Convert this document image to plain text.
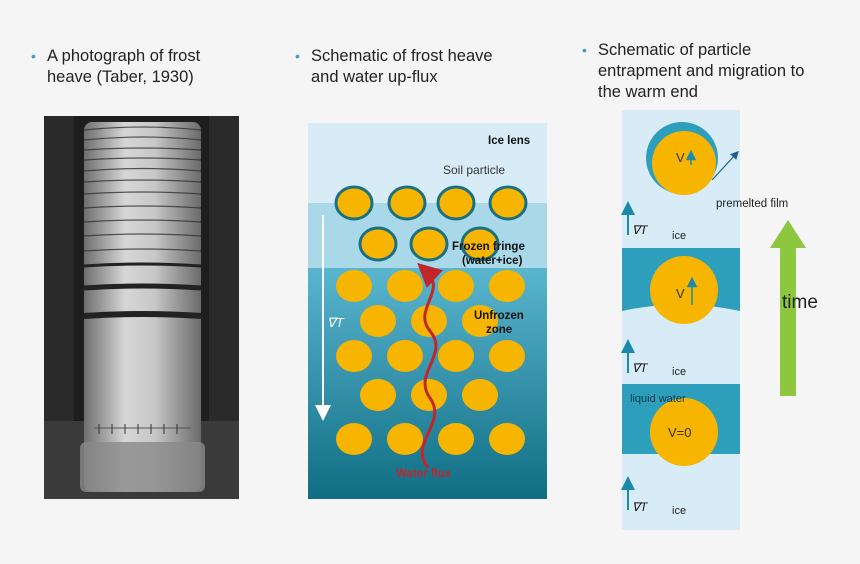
• A photograph of frost
heave (Taber, 1930)
• Schematic of frost heave
and water up-flux
• Schematic of particle
entrapment and migration to
the warm end
∇T
Ice lens
Soil particle
Frozen fringe
(water+ice)
Unfrozen
zone
Water flux
V
V
V=0
∇T
∇T
∇T
ice
ice
ice
liquid water
premelted film
time
